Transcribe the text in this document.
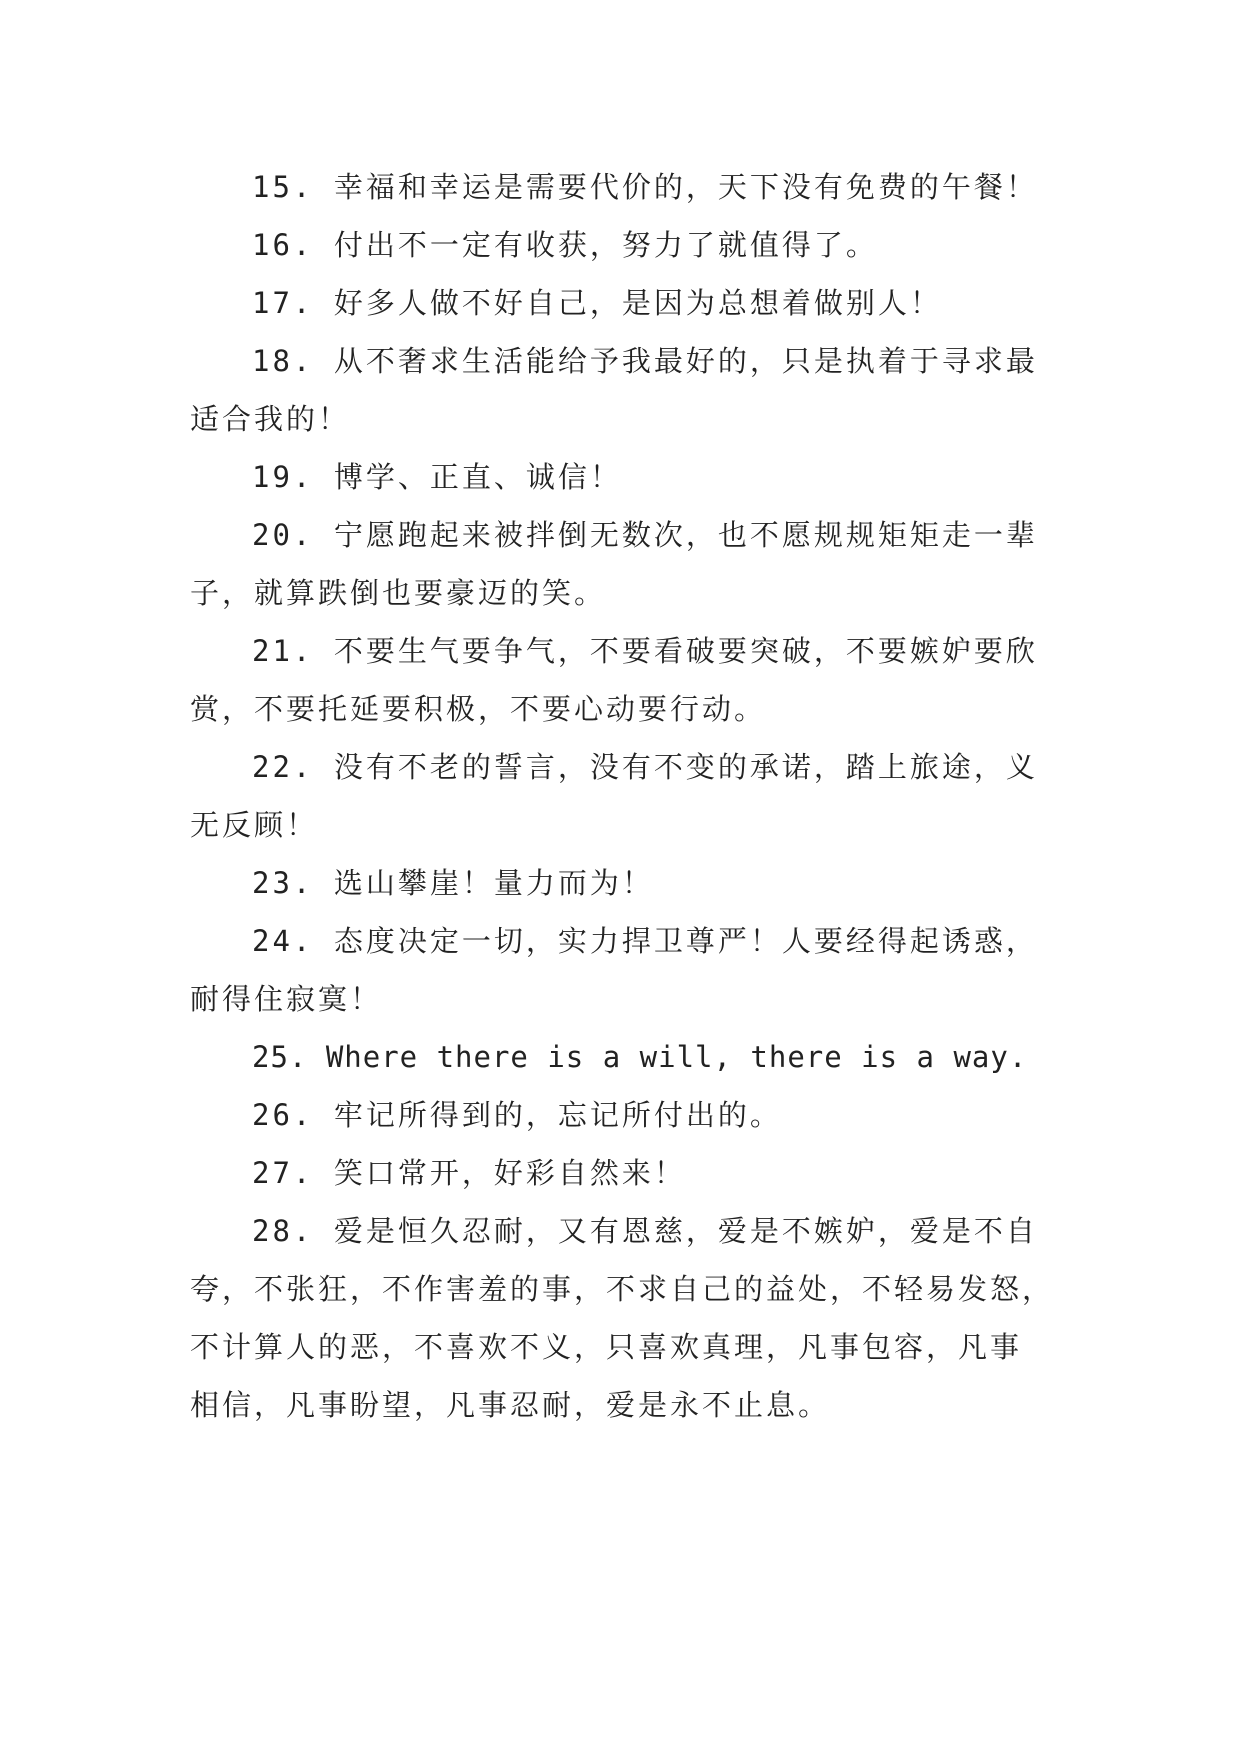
15. 幸福和幸运是需要代价的，天下没有免费的午餐！
16. 付出不一定有收获，努力了就值得了。
17. 好多人做不好自己，是因为总想着做别人！
18. 从不奢求生活能给予我最好的，只是执着于寻求最
适合我的！
19. 博学、正直、诚信！
20. 宁愿跑起来被拌倒无数次，也不愿规规矩矩走一辈
子，就算跌倒也要豪迈的笑。
21. 不要生气要争气，不要看破要突破，不要嫉妒要欣
赏，不要托延要积极，不要心动要行动。
22. 没有不老的誓言，没有不变的承诺，踏上旅途，义
无反顾！
23. 选山攀崖！量力而为！
24. 态度决定一切，实力捍卫尊严！人要经得起诱惑，
耐得住寂寞！
25. Where there is a will, there is a way.
26. 牢记所得到的，忘记所付出的。
27. 笑口常开，好彩自然来！
28. 爱是恒久忍耐，又有恩慈，爱是不嫉妒，爱是不自
夸，不张狂，不作害羞的事，不求自己的益处，不轻易发怒，
不计算人的恶，不喜欢不义，只喜欢真理，凡事包容，凡事
相信，凡事盼望，凡事忍耐，爱是永不止息。
